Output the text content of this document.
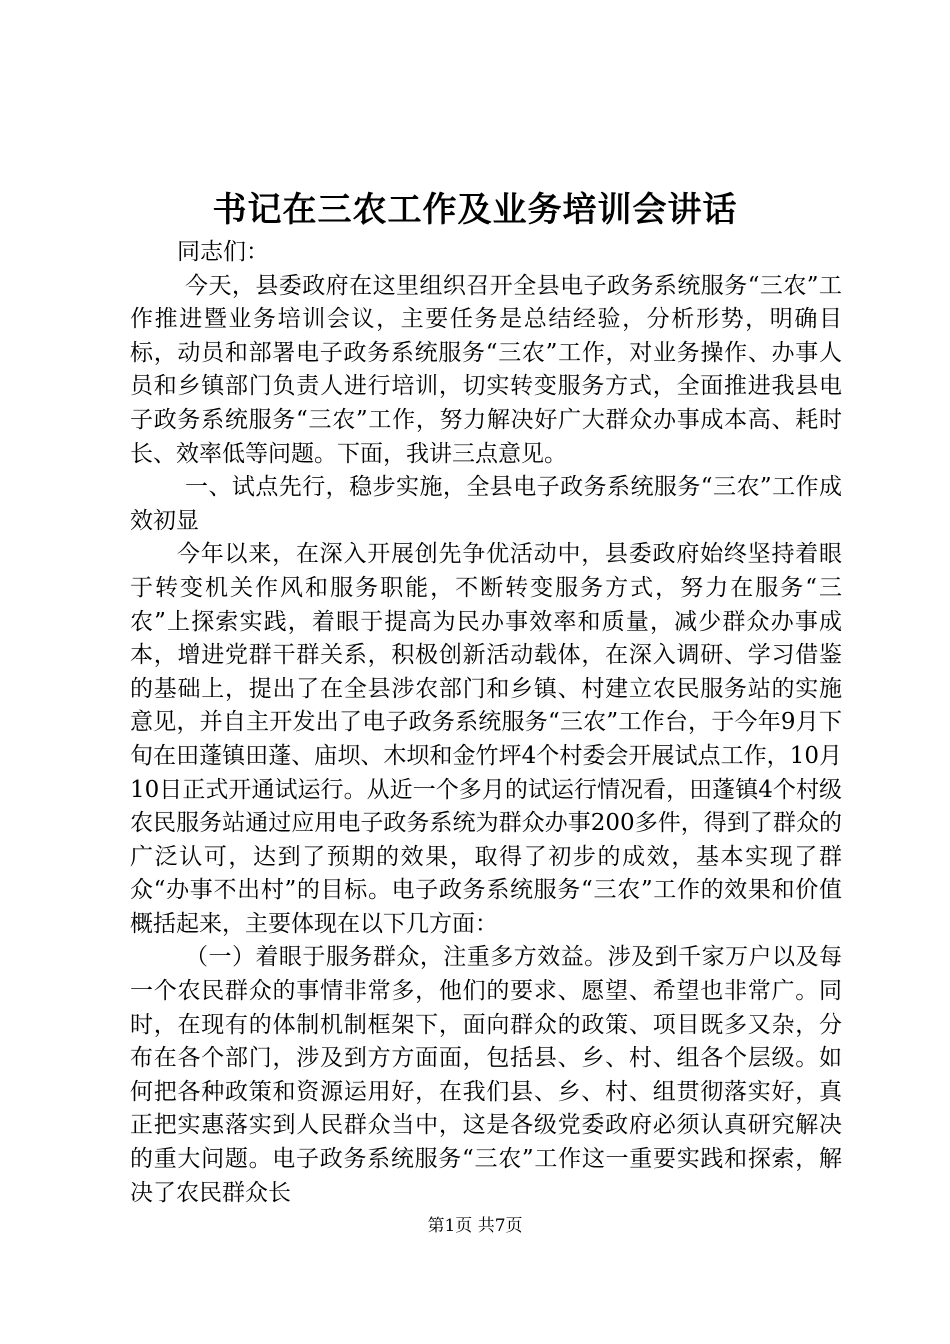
书记在三农工作及业务培训会讲话

同志们：

今天，县委政府在这里组织召开全县电子政务系统服务“三农”工作推进暨业务培训会议，主要任务是总结经验，分析形势，明确目标，动员和部署电子政务系统服务“三农”工作，对业务操作、办事人员和乡镇部门负责人进行培训，切实转变服务方式，全面推进我县电子政务系统服务“三农”工作，努力解决好广大群众办事成本高、耗时长、效率低等问题。下面，我讲三点意见。

一、试点先行，稳步实施，全县电子政务系统服务“三农”工作成效初显

今年以来，在深入开展创先争优活动中，县委政府始终坚持着眼于转变机关作风和服务职能，不断转变服务方式，努力在服务“三农”上探索实践，着眼于提高为民办事效率和质量，减少群众办事成本，增进党群干群关系，积极创新活动载体，在深入调研、学习借鉴的基础上，提出了在全县涉农部门和乡镇、村建立农民服务站的实施意见，并自主开发出了电子政务系统服务“三农”工作台，于今年9月下旬在田蓬镇田蓬、庙坝、木坝和金竹坪4个村委会开展试点工作，10月10日正式开通试运行。从近一个多月的试运行情况看，田蓬镇4个村级农民服务站通过应用电子政务系统为群众办事200多件，得到了群众的广泛认可，达到了预期的效果，取得了初步的成效，基本实现了群众“办事不出村”的目标。电子政务系统服务“三农”工作的效果和价值概括起来，主要体现在以下几方面：

（一）着眼于服务群众，注重多方效益。涉及到千家万户以及每一个农民群众的事情非常多，他们的要求、愿望、希望也非常广。同时，在现有的体制机制框架下，面向群众的政策、项目既多又杂，分布在各个部门，涉及到方方面面，包括县、乡、村、组各个层级。如何把各种政策和资源运用好，在我们县、乡、村、组贯彻落实好，真正把实惠落实到人民群众当中，这是各级党委政府必须认真研究解决的重大问题。电子政务系统服务“三农”工作这一重要实践和探索，解决了农民群众长

第1页 共7页
